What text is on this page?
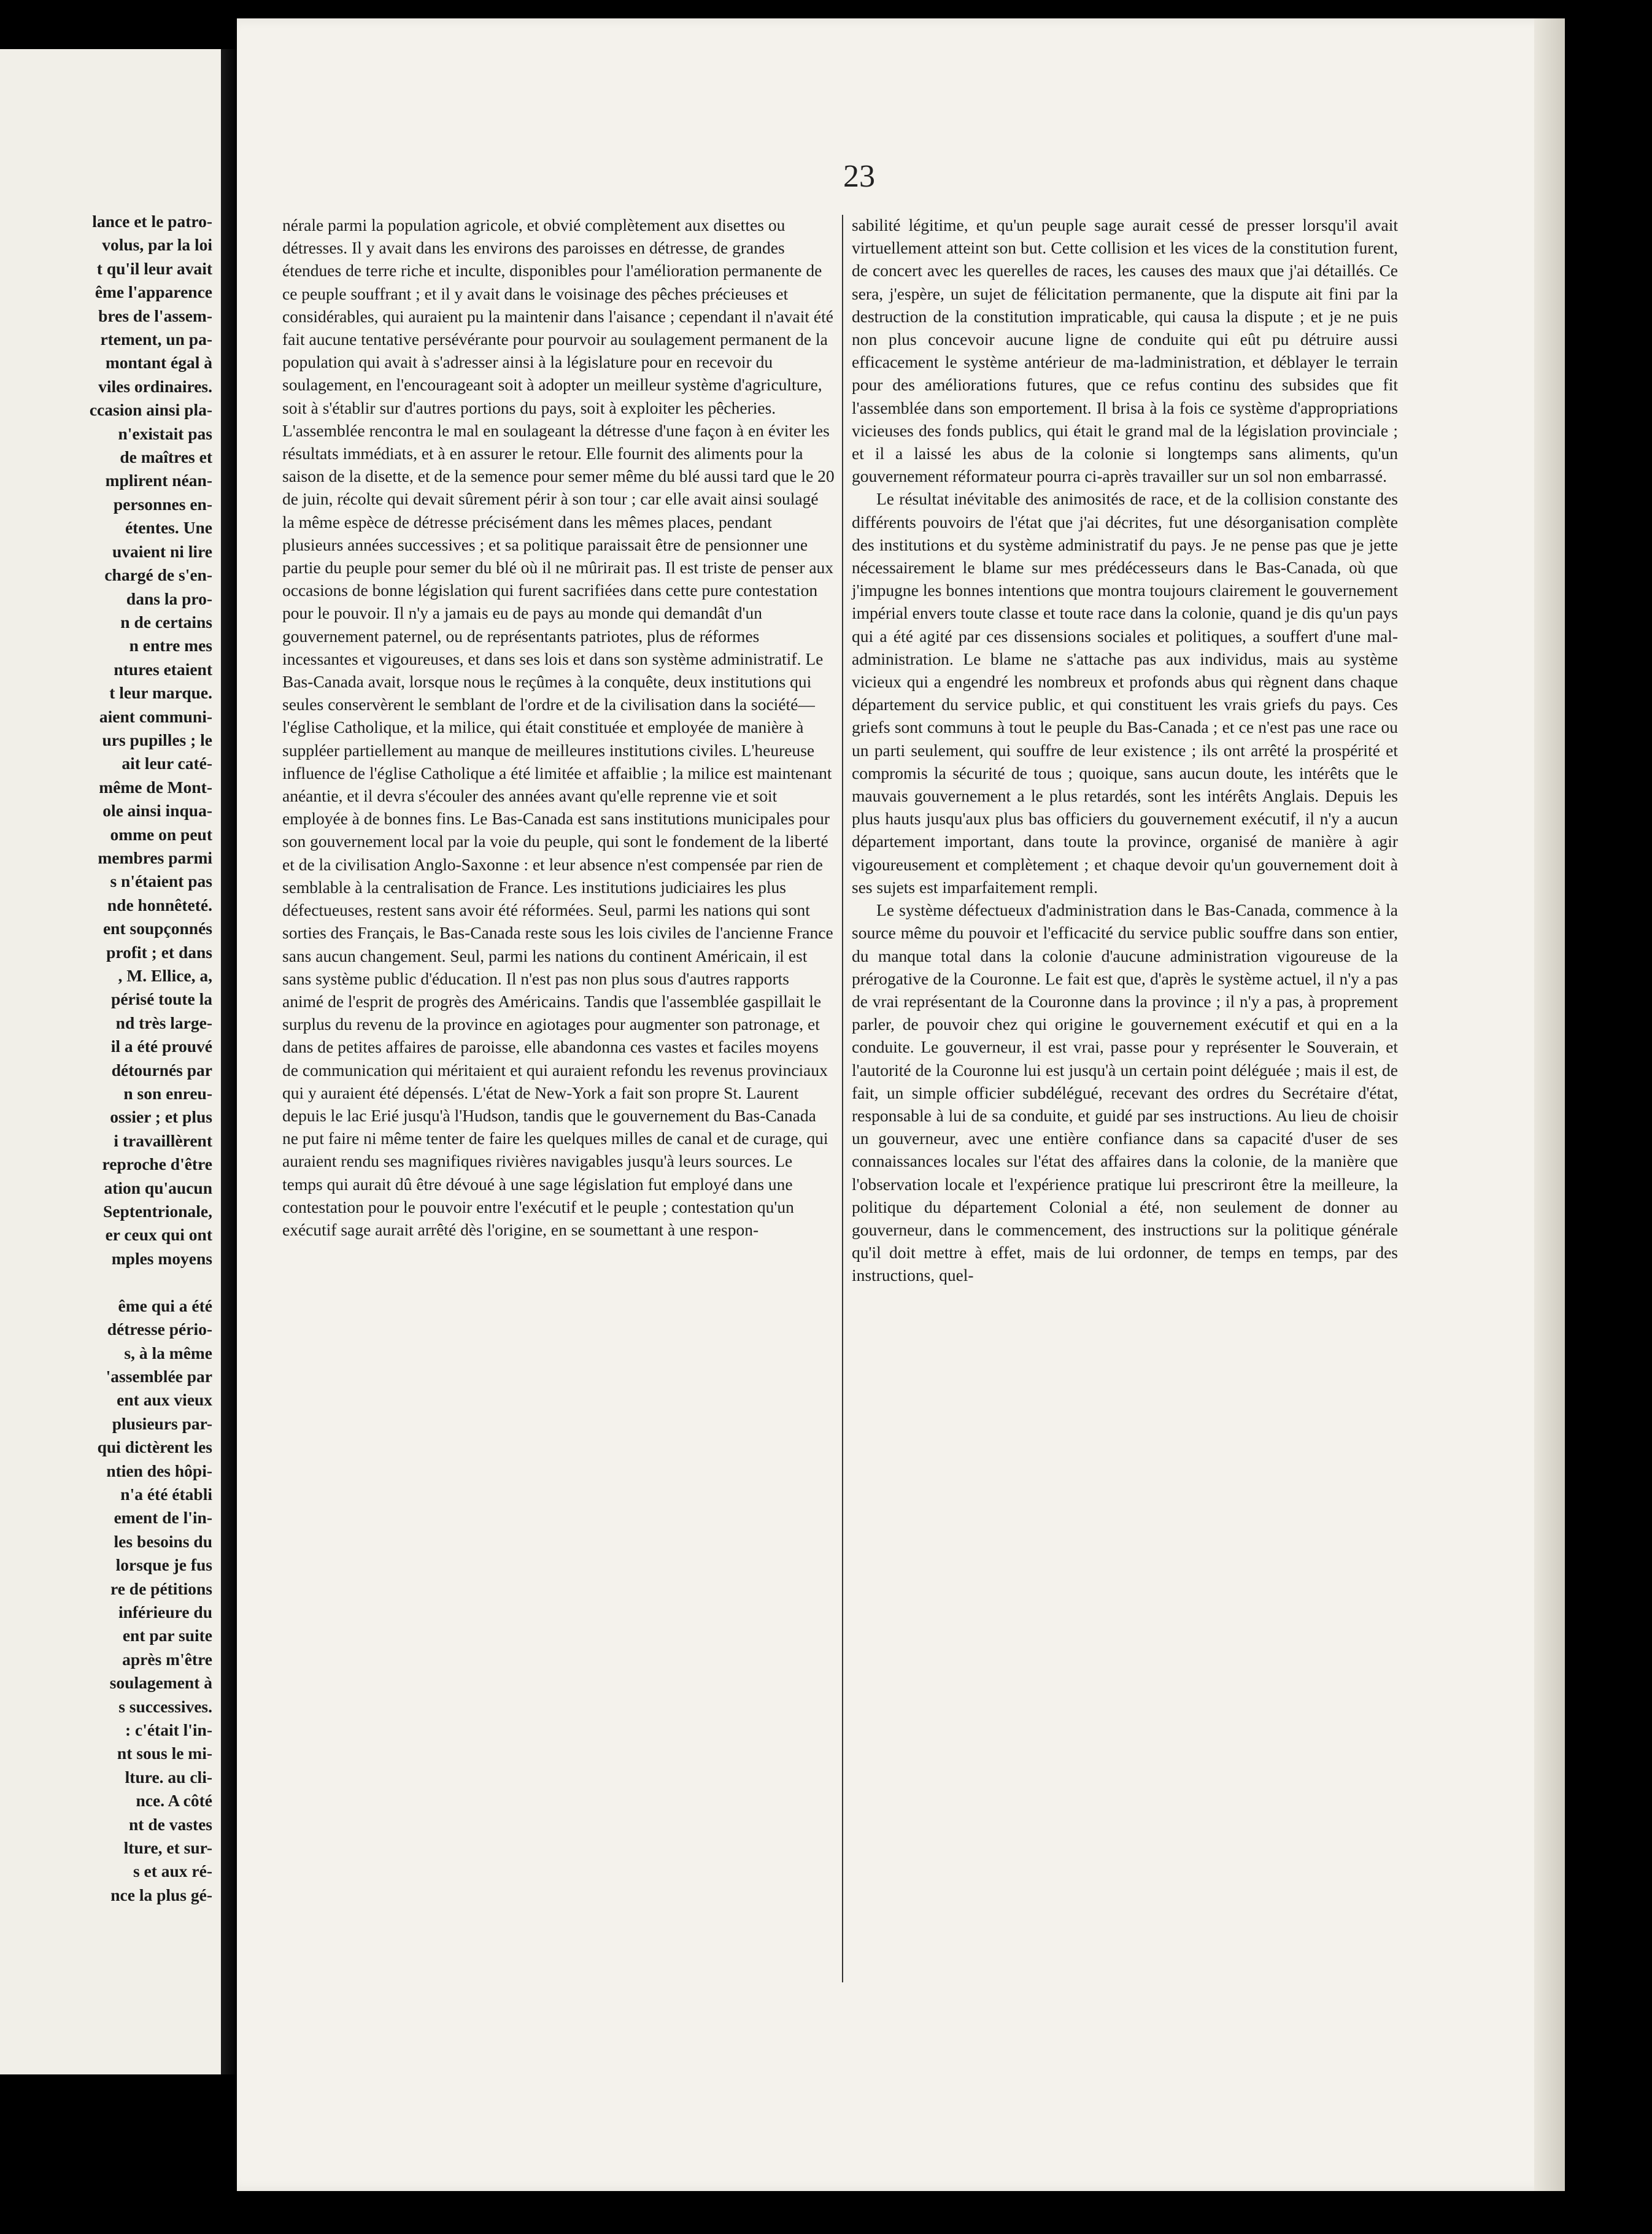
lance et le patro-
volus, par la loi
t qu'il leur avait
ême l'apparence
bres de l'assem-
rtement, un pa-
montant égal à
viles ordinaires.
ccasion ainsi pla-
n'existait pas
de maîtres et
mplirent néan-
personnes en-
étentes. Une
uvaient ni lire
chargé de s'en-
dans la pro-
n de certains
n entre mes
ntures etaient
t leur marque.
aient communi-
urs pupilles ; le
ait leur caté-
même de Mont-
ole ainsi inqua-
omme on peut
membres parmi
s n'étaient pas
nde honnêteté.
ent soupçonnés
profit ; et dans
, M. Ellice, a,
périsé toute la
nd très large-
il a été prouvé
détournés par
n son enreu-
ossier ; et plus
i travaillèrent
reproche d'être
ation qu'aucun
Septentrionale,
er ceux qui ont
mples moyens

ême qui a été
détresse pério-
s, à la même
'assemblée par
ent aux vieux
plusieurs par-
qui dictèrent les
ntien des hôpi-
n'a été établi
ement de l'in-
les besoins du
lorsque je fus
re de pétitions
inférieure du
ent par suite
après m'être
soulagement à
s successives.
: c'était l'in-
nt sous le mi-
lture. au cli-
nce. A côté
nt de vastes
lture, et sur-
s et aux ré-
nce la plus gé-
23

nérale parmi la population agricole, et obvié complètement aux disettes ou détresses. Il y avait dans les environs des paroisses en détresse, de grandes étendues de terre riche et inculte, disponibles pour l'amélioration permanente de ce peuple souffrant ; et il y avait dans le voisinage des pêches précieuses et considérables, qui auraient pu la maintenir dans l'aisance ; cependant il n'avait été fait aucune tentative persévérante pour pourvoir au soulagement permanent de la population qui avait à s'adresser ainsi à la législature pour en recevoir du soulagement, en l'encourageant soit à adopter un meilleur système d'agriculture, soit à s'établir sur d'autres portions du pays, soit à exploiter les pêcheries. L'assemblée rencontra le mal en soulageant la détresse d'une façon à en éviter les résultats immédiats, et à en assurer le retour. Elle fournit des aliments pour la saison de la disette, et de la semence pour semer même du blé aussi tard que le 20 de juin, récolte qui devait sûrement périr à son tour ; car elle avait ainsi soulagé la même espèce de détresse précisément dans les mêmes places, pendant plusieurs années successives ; et sa politique paraissait être de pensionner une partie du peuple pour semer du blé où il ne mûrirait pas. Il est triste de penser aux occasions de bonne législation qui furent sacrifiées dans cette pure contestation pour le pouvoir. Il n'y a jamais eu de pays au monde qui demandât d'un gouvernement paternel, ou de représentants patriotes, plus de réformes incessantes et vigoureuses, et dans ses lois et dans son système administratif. Le Bas-Canada avait, lorsque nous le reçûmes à la conquête, deux institutions qui seules conservèrent le semblant de l'ordre et de la civilisation dans la société—l'église Catholique, et la milice, qui était constituée et employée de manière à suppléer partiellement au manque de meilleures institutions civiles. L'heureuse influence de l'église Catholique a été limitée et affaiblie ; la milice est maintenant anéantie, et il devra s'écouler des années avant qu'elle reprenne vie et soit employée à de bonnes fins. Le Bas-Canada est sans institutions municipales pour son gouvernement local par la voie du peuple, qui sont le fondement de la liberté et de la civilisation Anglo-Saxonne : et leur absence n'est compensée par rien de semblable à la centralisation de France. Les institutions judiciaires les plus défectueuses, restent sans avoir été réformées. Seul, parmi les nations qui sont sorties des Français, le Bas-Canada reste sous les lois civiles de l'ancienne France sans aucun changement. Seul, parmi les nations du continent Américain, il est sans système public d'éducation. Il n'est pas non plus sous d'autres rapports animé de l'esprit de progrès des Américains. Tandis que l'assemblée gaspillait le surplus du revenu de la province en agiotages pour augmenter son patronage, et dans de petites affaires de paroisse, elle abandonna ces vastes et faciles moyens de communication qui méritaient et qui auraient refondu les revenus provinciaux qui y auraient été dépensés. L'état de New-York a fait son propre St. Laurent depuis le lac Erié jusqu'à l'Hudson, tandis que le gouvernement du Bas-Canada ne put faire ni même tenter de faire les quelques milles de canal et de curage, qui auraient rendu ses magnifiques rivières navigables jusqu'à leurs sources. Le temps qui aurait dû être dévoué à une sage législation fut employé dans une contestation pour le pouvoir entre l'exécutif et le peuple ; contestation qu'un exécutif sage aurait arrêté dès l'origine, en se soumettant à une respon-

sabilité légitime, et qu'un peuple sage aurait cessé de presser lorsqu'il avait virtuellement atteint son but. Cette collision et les vices de la constitution furent, de concert avec les querelles de races, les causes des maux que j'ai détaillés. Ce sera, j'espère, un sujet de félicitation permanente, que la dispute ait fini par la destruction de la constitution impraticable, qui causa la dispute ; et je ne puis non plus concevoir aucune ligne de conduite qui eût pu détruire aussi efficacement le système antérieur de ma-ladministration, et déblayer le terrain pour des améliorations futures, que ce refus continu des subsides que fit l'assemblée dans son emportement. Il brisa à la fois ce système d'appropriations vicieuses des fonds publics, qui était le grand mal de la législation provinciale ; et il a laissé les abus de la colonie si longtemps sans aliments, qu'un gouvernement réformateur pourra ci-après travailler sur un sol non embarrassé.

Le résultat inévitable des animosités de race, et de la collision constante des différents pouvoirs de l'état que j'ai décrites, fut une désorganisation complète des institutions et du système administratif du pays. Je ne pense pas que je jette nécessairement le blame sur mes prédécesseurs dans le Bas-Canada, où que j'impugne les bonnes intentions que montra toujours clairement le gouvernement impérial envers toute classe et toute race dans la colonie, quand je dis qu'un pays qui a été agité par ces dissensions sociales et politiques, a souffert d'une mal-administration. Le blame ne s'attache pas aux individus, mais au système vicieux qui a engendré les nombreux et profonds abus qui règnent dans chaque département du service public, et qui constituent les vrais griefs du pays. Ces griefs sont communs à tout le peuple du Bas-Canada ; et ce n'est pas une race ou un parti seulement, qui souffre de leur existence ; ils ont arrêté la prospérité et compromis la sécurité de tous ; quoique, sans aucun doute, les intérêts que le mauvais gouvernement a le plus retardés, sont les intérêts Anglais. Depuis les plus hauts jusqu'aux plus bas officiers du gouvernement exécutif, il n'y a aucun département important, dans toute la province, organisé de manière à agir vigoureusement et complètement ; et chaque devoir qu'un gouvernement doit à ses sujets est imparfaitement rempli.

Le système défectueux d'administration dans le Bas-Canada, commence à la source même du pouvoir et l'efficacité du service public souffre dans son entier, du manque total dans la colonie d'aucune administration vigoureuse de la prérogative de la Couronne. Le fait est que, d'après le système actuel, il n'y a pas de vrai représentant de la Couronne dans la province ; il n'y a pas, à proprement parler, de pouvoir chez qui origine le gouvernement exécutif et qui en a la conduite. Le gouverneur, il est vrai, passe pour y représenter le Souverain, et l'autorité de la Couronne lui est jusqu'à un certain point déléguée ; mais il est, de fait, un simple officier subdélégué, recevant des ordres du Secrétaire d'état, responsable à lui de sa conduite, et guidé par ses instructions. Au lieu de choisir un gouverneur, avec une entière confiance dans sa capacité d'user de ses connaissances locales sur l'état des affaires dans la colonie, de la manière que l'observation locale et l'expérience pratique lui prescriront être la meilleure, la politique du département Colonial a été, non seulement de donner au gouverneur, dans le commencement, des instructions sur la politique générale qu'il doit mettre à effet, mais de lui ordonner, de temps en temps, par des instructions, quel-
